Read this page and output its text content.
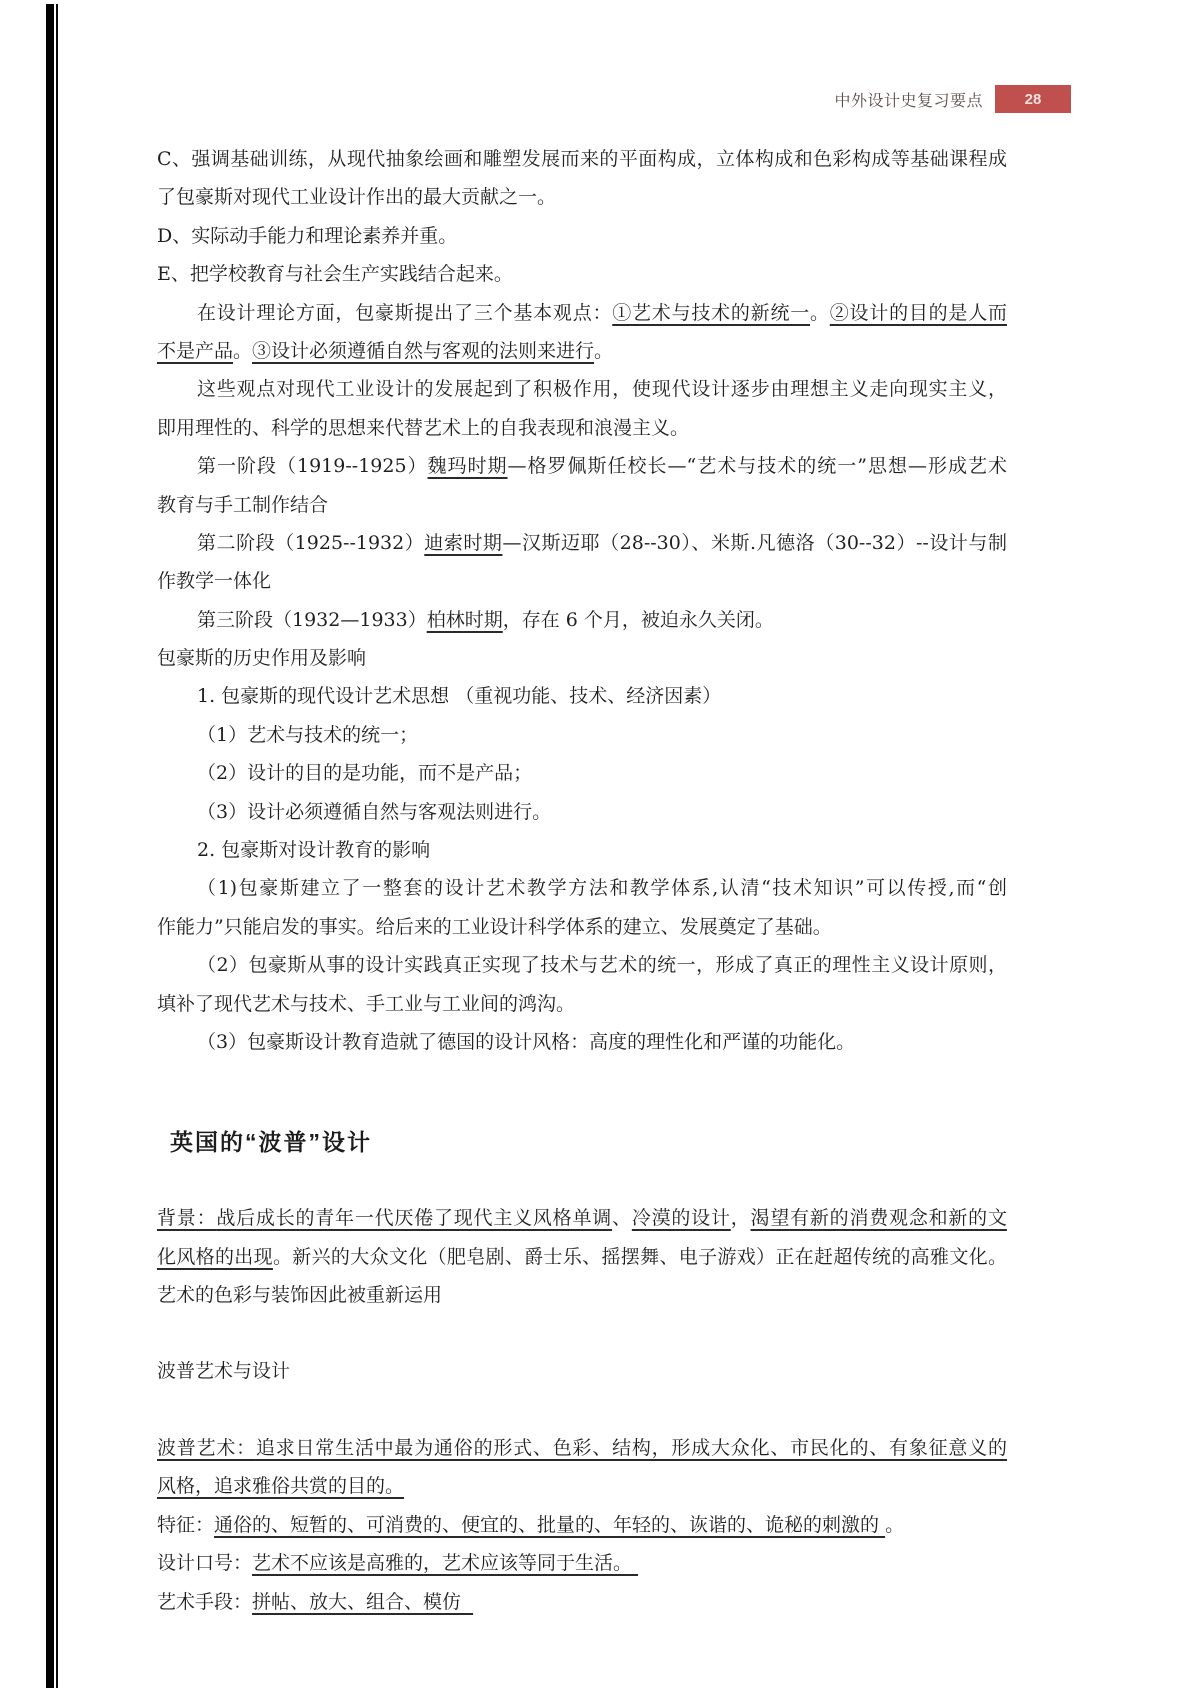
中外设计史复习要点	28
C、强调基础训练，从现代抽象绘画和雕塑发展而来的平面构成，立体构成和色彩构成等基础课程成
了包豪斯对现代工业设计作出的最大贡献之一。
D、实际动手能力和理论素养并重。
E、把学校教育与社会生产实践结合起来。
在设计理论方面，包豪斯提出了三个基本观点：①艺术与技术的新统一。②设计的目的是人而
不是产品。③设计必须遵循自然与客观的法则来进行。
这些观点对现代工业设计的发展起到了积极作用，使现代设计逐步由理想主义走向现实主义，
即用理性的、科学的思想来代替艺术上的自我表现和浪漫主义。
第一阶段（1919--1925）魏玛时期—格罗佩斯任校长—“艺术与技术的统一”思想—形成艺术
教育与手工制作结合
第二阶段（1925--1932）迪索时期—汉斯迈耶（28--30）、米斯.凡德洛（30--32）--设计与制
作教学一体化
第三阶段（1932—1933）柏林时期，存在 6 个月，被迫永久关闭。
包豪斯的历史作用及影响
1. 包豪斯的现代设计艺术思想 （重视功能、技术、经济因素）
（1）艺术与技术的统一；
（2）设计的目的是功能，而不是产品；
（3）设计必须遵循自然与客观法则进行。
2. 包豪斯对设计教育的影响
（1)包豪斯建立了一整套的设计艺术教学方法和教学体系,认清“技术知识”可以传授,而“创
作能力”只能启发的事实。给后来的工业设计科学体系的建立、发展奠定了基础。
（2）包豪斯从事的设计实践真正实现了技术与艺术的统一，形成了真正的理性主义设计原则，
填补了现代艺术与技术、手工业与工业间的鸿沟。
（3）包豪斯设计教育造就了德国的设计风格：高度的理性化和严谨的功能化。
英国的“波普”设计
背景：战后成长的青年一代厌倦了现代主义风格单调、冷漠的设计，渴望有新的消费观念和新的文
化风格的出现。新兴的大众文化（肥皂剧、爵士乐、摇摆舞、电子游戏）正在赶超传统的高雅文化。
艺术的色彩与装饰因此被重新运用
波普艺术与设计
波普艺术：追求日常生活中最为通俗的形式、色彩、结构，形成大众化、市民化的、有象征意义的
风格，追求雅俗共赏的目的。
特征：通俗的、短暂的、可消费的、便宜的、批量的、年轻的、诙谐的、诡秘的刺激的 。
设计口号：艺术不应该是高雅的，艺术应该等同于生活。
艺术手段：拼帖、放大、组合、模仿
